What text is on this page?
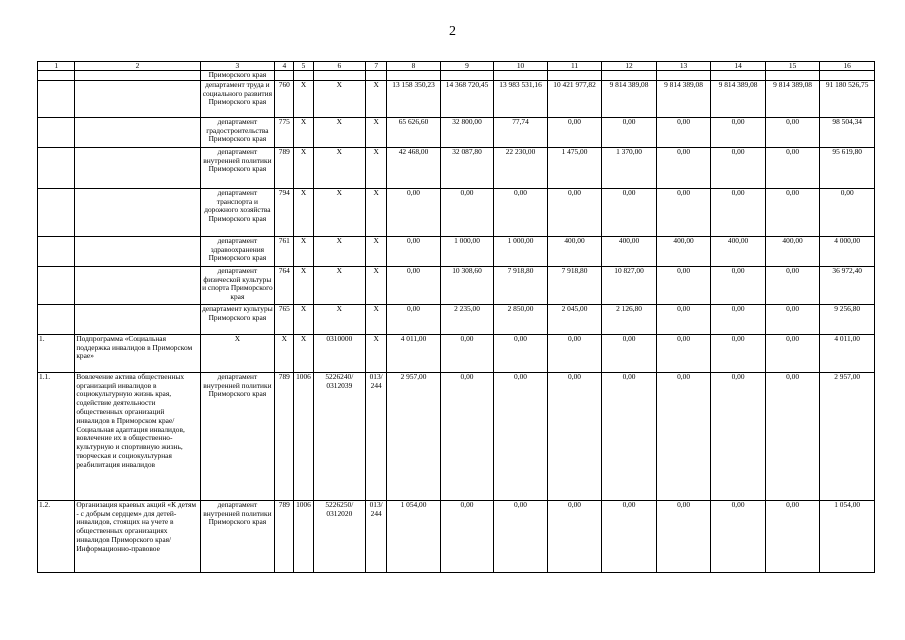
2
1	2	3	4	5	6	7	8	9	10	11	12	13	14	15	16
		Приморского края													
		департамент труда и социального развития Приморского края	760	X	X	X	13 158 350,23	14 368 720,45	13 983 531,16	10 421 977,82	9 814 389,08	9 814 389,08	9 814 389,08	9 814 389,08	91 180 526,75
		департамент градостроительства Приморского края	775	X	X	X	65 626,60	32 800,00	77,74	0,00	0,00	0,00	0,00	0,00	98 504,34
		департамент внутренней политики Приморского края	789	X	X	X	42 468,00	32 087,80	22 230,00	1 475,00	1 370,00	0,00	0,00	0,00	95 619,80
		департамент транспорта и дорожного хозяйства Приморского края	794	X	X	X	0,00	0,00	0,00	0,00	0,00	0,00	0,00	0,00	0,00
		департамент здравоохранения Приморского края	761	X	X	X	0,00	1 000,00	1 000,00	400,00	400,00	400,00	400,00	400,00	4 000,00
		департамент физической культуры и спорта Приморского края	764	X	X	X	0,00	10 308,60	7 918,80	7 918,80	10 827,00	0,00	0,00	0,00	36 972,40
		департамент культуры Приморского края	765	X	X	X	0,00	2 235,00	2 850,00	2 045,00	2 126,80	0,00	0,00	0,00	9 256,80
1.	Подпрограмма «Социальная поддержка инвалидов в Приморском крае»	X	X	X	0310000	X	4 011,00	0,00	0,00	0,00	0,00	0,00	0,00	0,00	4 011,00
1.1.	Вовлечение актива общественных организаций инвалидов в социокультурную жизнь края, содействие деятельности общественных организаций инвалидов в Приморском крае/ Социальная адаптация инвалидов, вовлечение их в общественно-культурную и спортивную жизнь, творческая и социокультурная реабилитация инвалидов	департамент внутренней политики Приморского края	789	1006	5226240/ 0312039	013/ 244	2 957,00	0,00	0,00	0,00	0,00	0,00	0,00	0,00	2 957,00
1.2.	Организация краевых акций «К детям - с добрым сердцем» для детей-инвалидов, стоящих на учете в общественных организациях инвалидов Приморского края/ Информационно-правовое	департамент внутренней политики Приморского края	789	1006	5226250/ 0312020	013/ 244	1 054,00	0,00	0,00	0,00	0,00	0,00	0,00	0,00	1 054,00
